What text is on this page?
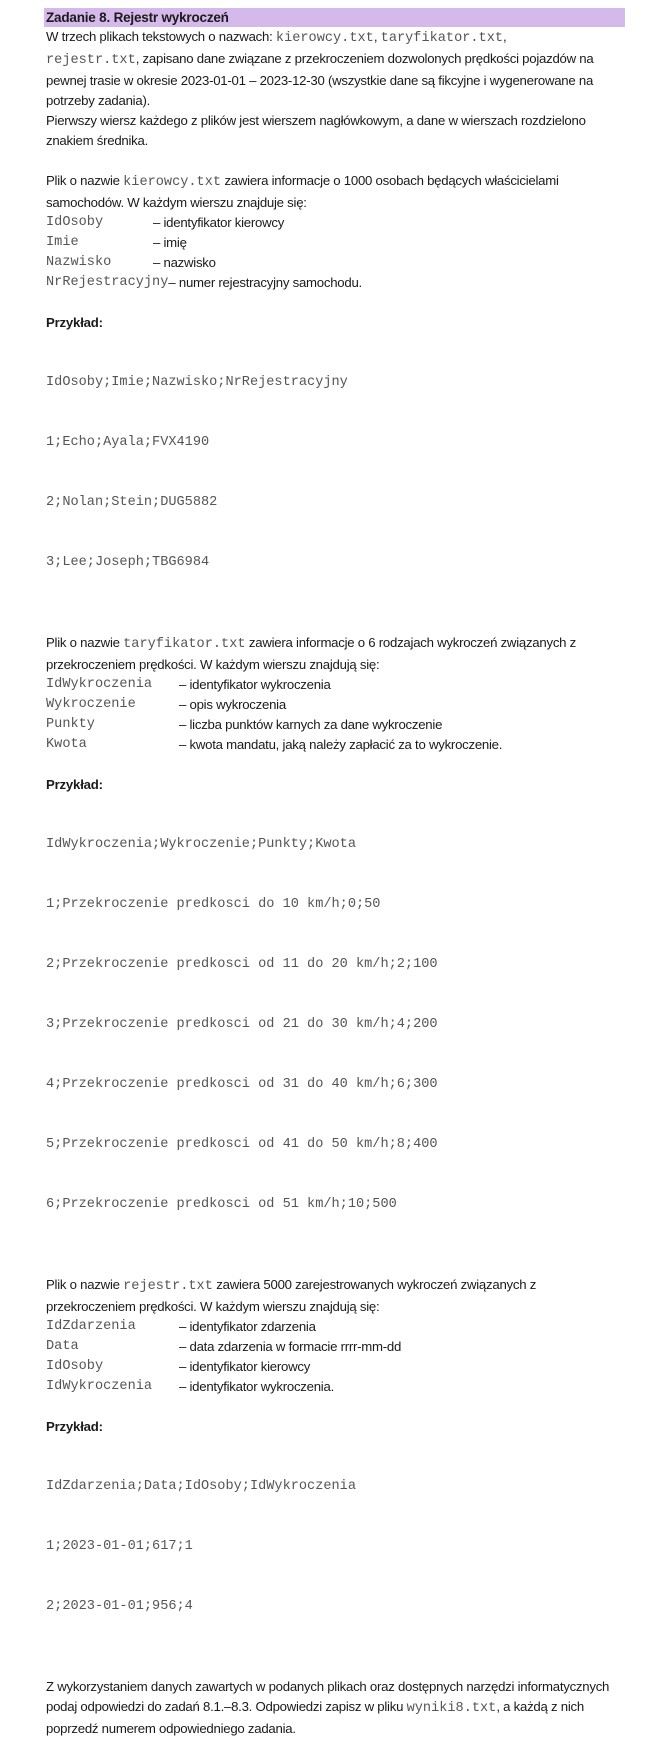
Zadanie 8. Rejestr wykroczeń

W trzech plikach tekstowych o nazwach: kierowcy.txt, taryfikator.txt,
rejestr.txt, zapisano dane związane z przekroczeniem dozwolonych prędkości pojazdów na pewnej trasie w okresie 2023-01-01 – 2023-12-30 (wszystkie dane są fikcyjne i wygenerowane na potrzeby zadania).

Pierwszy wiersz każdego z plików jest wierszem nagłówkowym, a dane w wierszach rozdzielono znakiem średnika.

Plik o nazwie kierowcy.txt zawiera informacje o 1000 osobach będących właścicielami samochodów. W każdym wierszu znajduje się:

IdOsoby	– identyfikator kierowcy
Imie	– imię
Nazwisko	– nazwisko
NrRejestracyjny – numer rejestracyjny samochodu.
Przykład:

IdOsoby;Imie;Nazwisko;NrRejestracyjny

1;Echo;Ayala;FVX4190

2;Nolan;Stein;DUG5882

3;Lee;Joseph;TBG6984

Plik o nazwie taryfikator.txt zawiera informacje o 6 rodzajach wykroczeń związanych z przekroczeniem prędkości. W każdym wierszu znajdują się:

IdWykroczenia	– identyfikator wykroczenia
Wykroczenie	– opis wykroczenia
Punkty	– liczba punktów karnych za dane wykroczenie
Kwota	– kwota mandatu, jaką należy zapłacić za to wykroczenie.
Przykład:

IdWykroczenia;Wykroczenie;Punkty;Kwota

1;Przekroczenie predkosci do 10 km/h;0;50

2;Przekroczenie predkosci od 11 do 20 km/h;2;100

3;Przekroczenie predkosci od 21 do 30 km/h;4;200

4;Przekroczenie predkosci od 31 do 40 km/h;6;300

5;Przekroczenie predkosci od 41 do 50 km/h;8;400

6;Przekroczenie predkosci od 51 km/h;10;500

Plik o nazwie rejestr.txt zawiera 5000 zarejestrowanych wykroczeń związanych z przekroczeniem prędkości. W każdym wierszu znajdują się:

IdZdarzenia	– identyfikator zdarzenia
Data	– data zdarzenia w formacie rrrr-mm-dd
IdOsoby	– identyfikator kierowcy
IdWykroczenia	– identyfikator wykroczenia.
Przykład:

IdZdarzenia;Data;IdOsoby;IdWykroczenia

1;2023-01-01;617;1

2;2023-01-01;956;4

Z wykorzystaniem danych zawartych w podanych plikach oraz dostępnych narzędzi informatycznych podaj odpowiedzi do zadań 8.1.–8.3. Odpowiedzi zapisz w pliku wyniki8.txt, a każdą z nich poprzedź numerem odpowiedniego zadania.
